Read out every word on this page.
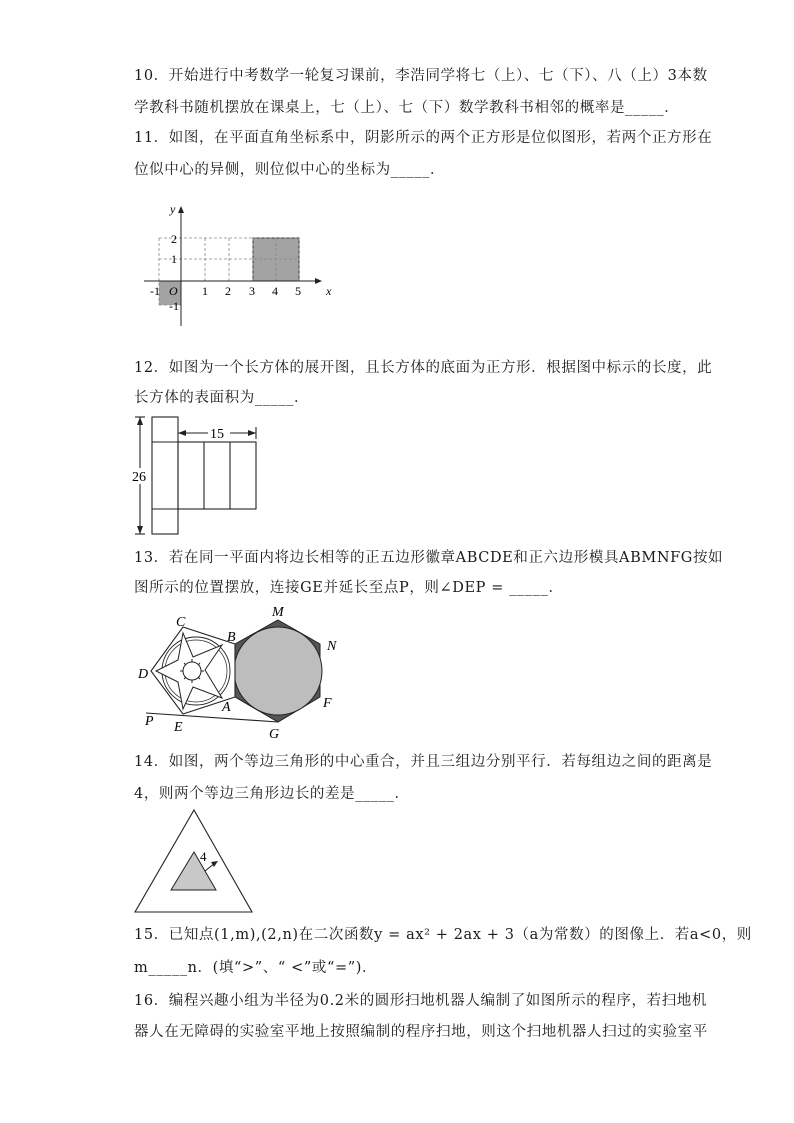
10．开始进行中考数学一轮复习课前，李浩同学将七（上）、七（下）、八（上）3本数
学教科书随机摆放在课桌上，七（上）、七（下）数学教科书相邻的概率是_____．
11．如图，在平面直角坐标系中，阴影所示的两个正方形是位似图形，若两个正方形在
位似中心的异侧，则位似中心的坐标为_____．
x
y
O
-1	1 2 3 4 5
2
1
-1
12．如图为一个长方体的展开图，且长方体的底面为正方形．根据图中标示的长度，此
长方体的表面积为_____．
15
26
13．若在同一平面内将边长相等的正五边形徽章ABCDE和正六边形模具ABMNFG按如
图所示的位置摆放，连接GE并延长至点P，则∠DEP = _____．
M
C
B
N
D
F
A
P E	G
14．如图，两个等边三角形的中心重合，并且三组边分别平行．若每组边之间的距离是
4，则两个等边三角形边长的差是_____．
4
15．已知点(1,m),(2,n)在二次函数y = ax² + 2ax + 3（a为常数）的图像上．若a<0，则
m_____n．(填“>”、“ <”或“=”)．
16．编程兴趣小组为半径为0.2米的圆形扫地机器人编制了如图所示的程序，若扫地机
器人在无障碍的实验室平地上按照编制的程序扫地，则这个扫地机器人扫过的实验室平
